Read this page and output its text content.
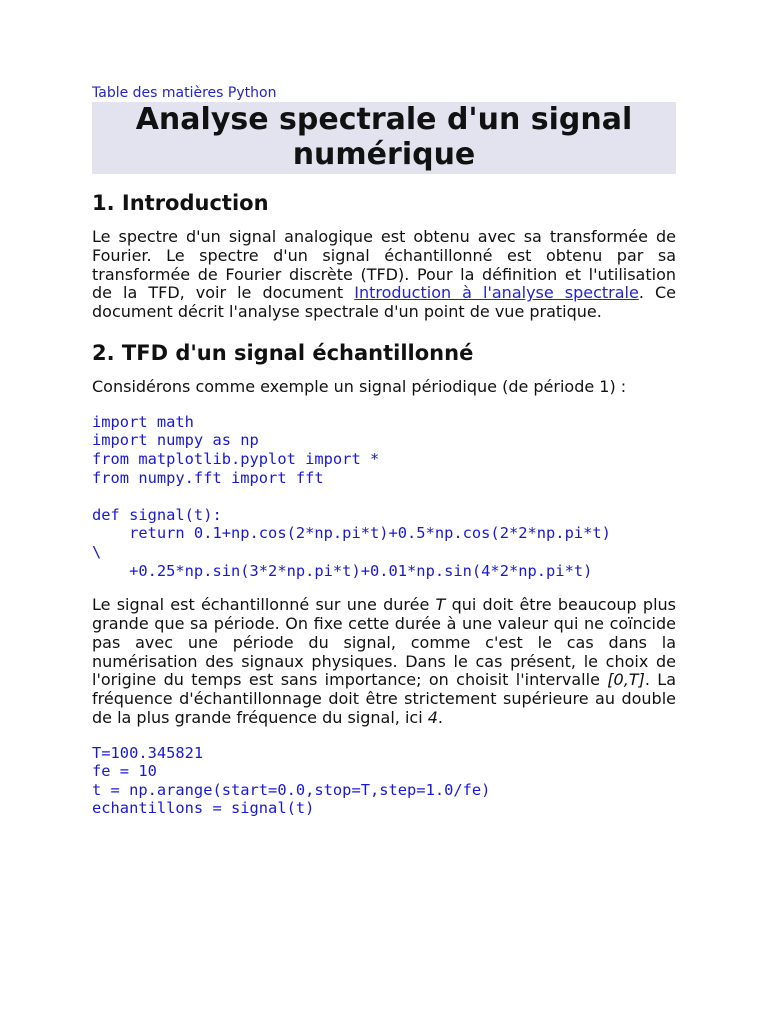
Table des matières Python
Analyse spectrale d'un signal numérique
1. Introduction

Le spectre d'un signal analogique est obtenu avec sa transformée de Fourier. Le spectre d'un signal échantillonné est obtenu par sa transformée de Fourier discrète (TFD). Pour la définition et l'utilisation de la TFD, voir le document Introduction à l'analyse spectrale. Ce document décrit l'analyse spectrale d'un point de vue pratique.

2. TFD d'un signal échantillonné

Considérons comme exemple un signal périodique (de période 1) :

import math
import numpy as np
from matplotlib.pyplot import *
from numpy.fft import fft

def signal(t):
return 0.1+np.cos(2*np.pi*t)+0.5*np.cos(2*2*np.pi*t)
\
+0.25*np.sin(3*2*np.pi*t)+0.01*np.sin(4*2*np.pi*t)

Le signal est échantillonné sur une durée T qui doit être beaucoup plus grande que sa période. On fixe cette durée à une valeur qui ne coïncide pas avec une période du signal, comme c'est le cas dans la numérisation des signaux physiques. Dans le cas présent, le choix de l'origine du temps est sans importance; on choisit l'intervalle [0,T]. La fréquence d'échantillonnage doit être strictement supérieure au double de la plus grande fréquence du signal, ici 4.

T=100.345821
fe = 10
t = np.arange(start=0.0,stop=T,step=1.0/fe)
echantillons = signal(t)
